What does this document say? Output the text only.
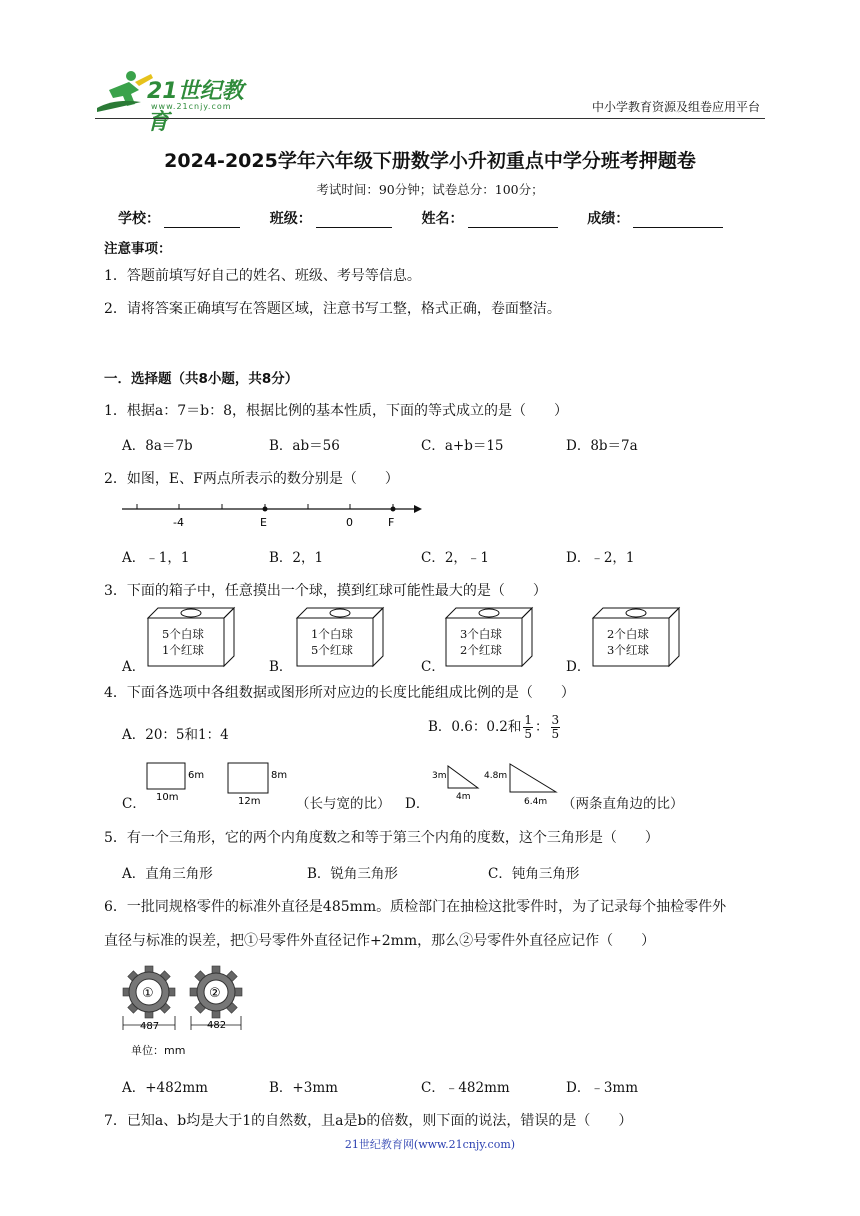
21世纪教育
www.21cnjy.com	中小学教育资源及组卷应用平台
2024-2025学年六年级下册数学小升初重点中学分班考押题卷
考试时间：90分钟；试卷总分：100分；
学校：	班级：	姓名：	成绩：
注意事项：
1．答题前填写好自己的姓名、班级、考号等信息。
2．请将答案正确填写在答题区域，注意书写工整，格式正确，卷面整洁。
一．选择题（共8小题，共8分）
1．根据a：7＝b：8，根据比例的基本性质，下面的等式成立的是（　　）
A．8a＝7b	B．ab＝56	C．a+b＝15	D．8b＝7a
2．如图，E、F两点所表示的数分别是（　　）
-4	E	0	F
A．﹣1，1	B．2，1	C．2，﹣1	D．﹣2，1
3．下面的箱子中，任意摸出一个球，摸到红球可能性最大的是（　　）
A．
5个白球
1个红球
B．
1个白球
5个红球
C．
3个白球
2个红球
D．
2个白球
3个红球
4．下面各选项中各组数据或图形所对应边的长度比能组成比例的是（　　）
A．20：5和1：4	B．0.6：0.2和 $\frac{1}{5}$ ： $\frac{3}{5}$
C．
6m
10m
8m
12m	（长与宽的比） D．
3m
4m
4.8m
6.4m （两条直角边的比）
5．有一个三角形，它的两个内角度数之和等于第三个内角的度数，这个三角形是（　　）
A．直角三角形	B．锐角三角形	C．钝角三角形
6．一批同规格零件的标准外直径是485mm。质检部门在抽检这批零件时，为了记录每个抽检零件外
直径与标准的误差，把①号零件外直径记作+2mm，那么②号零件外直径应记作（　　）
①	②
487	482
单位：mm
A．+482mm	B．+3mm	C．﹣482mm	D．﹣3mm
7．已知a、b均是大于1的自然数，且a是b的倍数，则下面的说法，错误的是（　　）
21世纪教育网(www.21cnjy.com)
